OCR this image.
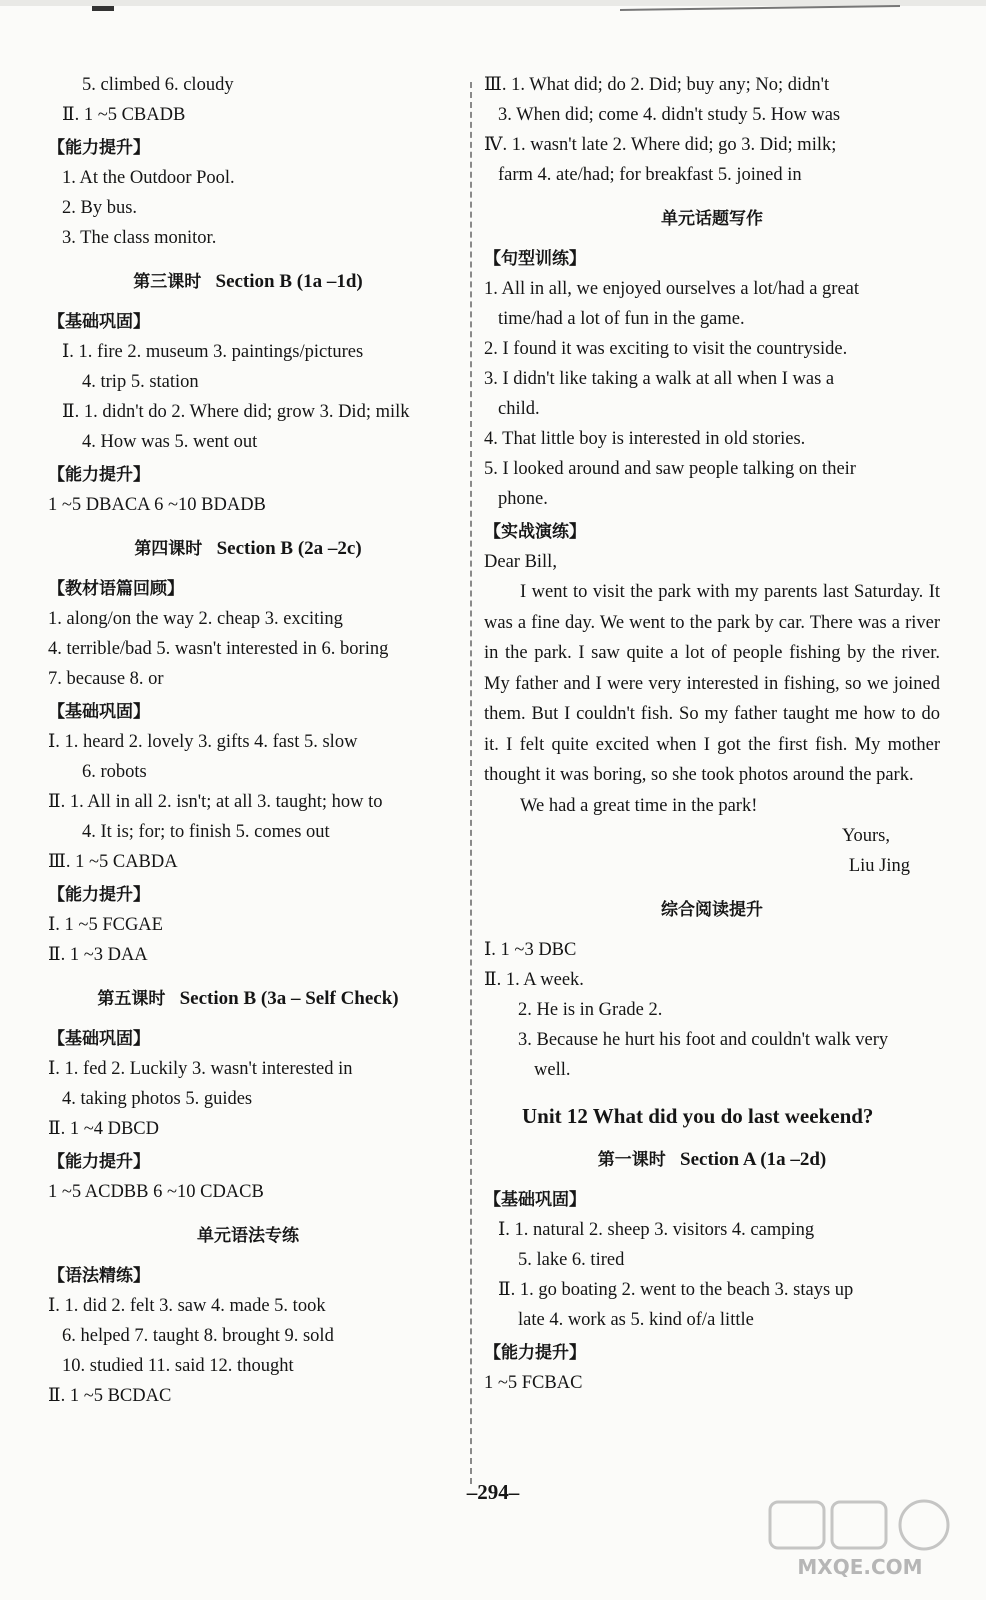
5. climbed 6. cloudy
Ⅱ. 1 ~5 CBADB
【能力提升】
1. At the Outdoor Pool.
2. By bus.
3. The class monitor.
第三课时 Section B (1a –1d)
【基础巩固】
Ⅰ. 1. fire 2. museum 3. paintings/pictures
4. trip 5. station
Ⅱ. 1. didn't do 2. Where did; grow 3. Did; milk
4. How was 5. went out
【能力提升】
1 ~5 DBACA 6 ~10 BDADB
第四课时 Section B (2a –2c)
【教材语篇回顾】
1. along/on the way 2. cheap 3. exciting
4. terrible/bad 5. wasn't interested in 6. boring
7. because 8. or
【基础巩固】
Ⅰ. 1. heard 2. lovely 3. gifts 4. fast 5. slow
6. robots
Ⅱ. 1. All in all 2. isn't; at all 3. taught; how to
4. It is; for; to finish 5. comes out
Ⅲ. 1 ~5 CABDA
【能力提升】
Ⅰ. 1 ~5 FCGAE
Ⅱ. 1 ~3 DAA
第五课时 Section B (3a – Self Check)
【基础巩固】
Ⅰ. 1. fed 2. Luckily 3. wasn't interested in
4. taking photos 5. guides
Ⅱ. 1 ~4 DBCD
【能力提升】
1 ~5 ACDBB 6 ~10 CDACB
单元语法专练
【语法精练】
Ⅰ. 1. did 2. felt 3. saw 4. made 5. took
6. helped 7. taught 8. brought 9. sold
10. studied 11. said 12. thought
Ⅱ. 1 ~5 BCDAC
Ⅲ. 1. What did; do 2. Did; buy any; No; didn't
3. When did; come 4. didn't study 5. How was
Ⅳ. 1. wasn't late 2. Where did; go 3. Did; milk;
farm 4. ate/had; for breakfast 5. joined in
单元话题写作
【句型训练】
1. All in all, we enjoyed ourselves a lot/had a great
time/had a lot of fun in the game.
2. I found it was exciting to visit the countryside.
3. I didn't like taking a walk at all when I was a
child.
4. That little boy is interested in old stories.
5. I looked around and saw people talking on their
phone.
【实战演练】
Dear Bill,
I went to visit the park with my parents last Saturday. It was a fine day. We went to the park by car. There was a river in the park. I saw quite a lot of people fishing by the river. My father and I were very interested in fishing, so we joined them. But I couldn't fish. So my father taught me how to do it. I felt quite excited when I got the first fish. My mother thought it was boring, so she took photos around the park.
We had a great time in the park!
Yours,
Liu Jing
综合阅读提升
Ⅰ. 1 ~3 DBC
Ⅱ. 1. A week.
2. He is in Grade 2.
3. Because he hurt his foot and couldn't walk very
well.
Unit 12 What did you do last weekend?
第一课时 Section A (1a –2d)
【基础巩固】
Ⅰ. 1. natural 2. sheep 3. visitors 4. camping
5. lake 6. tired
Ⅱ. 1. go boating 2. went to the beach 3. stays up
late 4. work as 5. kind of/a little
【能力提升】
1 ~5 FCBAC
–294–
MXQE.COM
